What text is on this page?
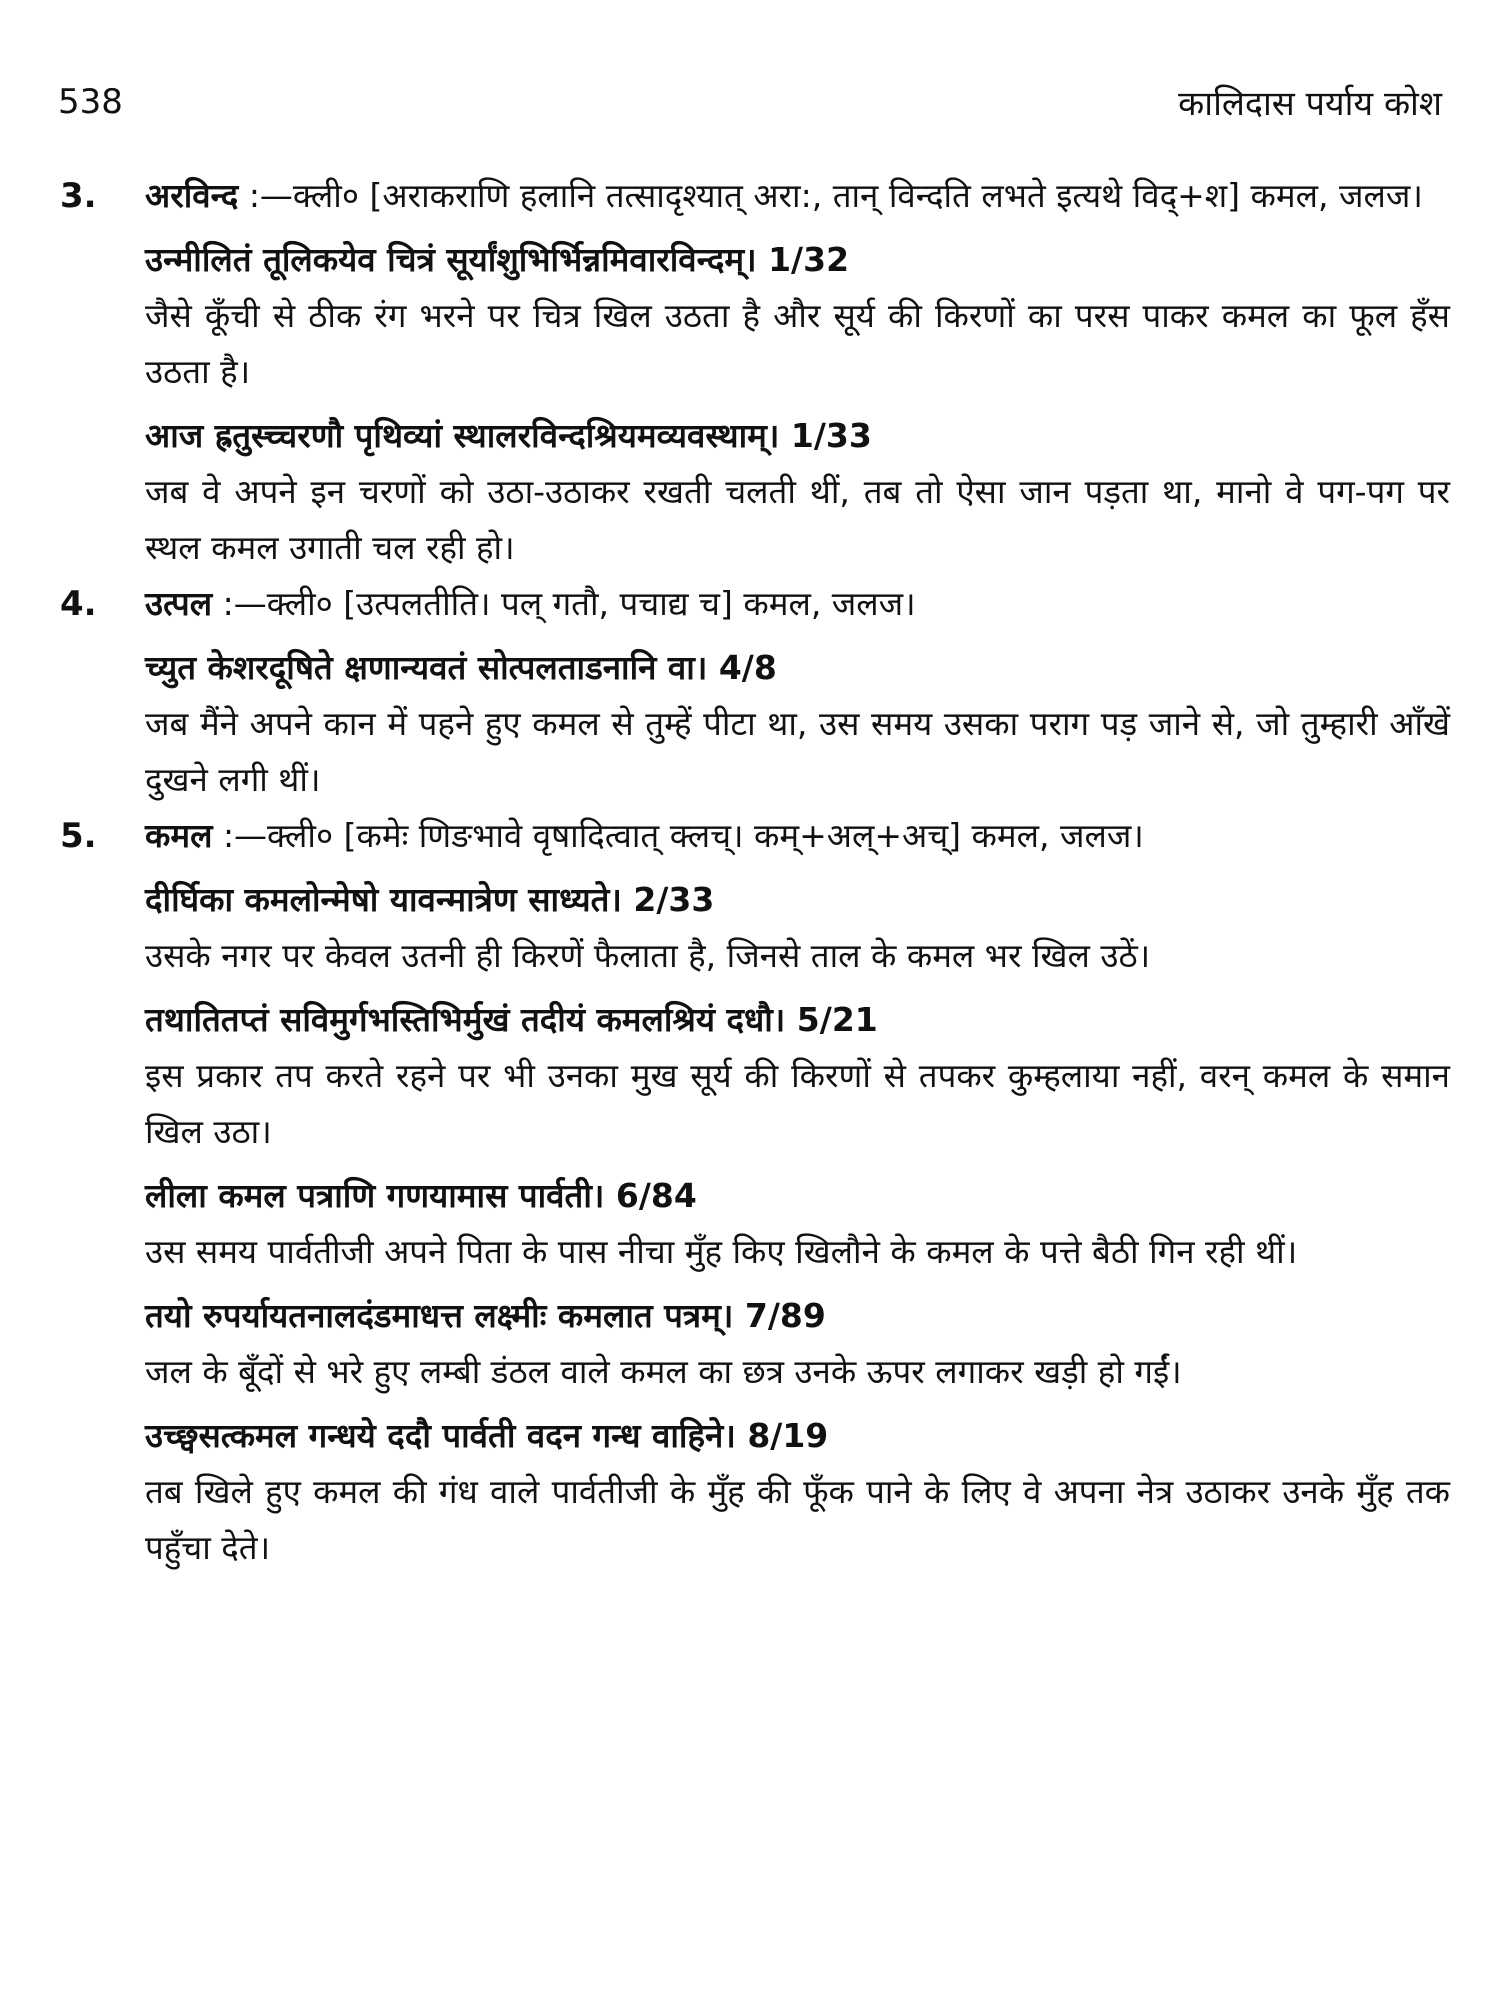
538	कालिदास पर्याय कोश
3.	अरविन्द :—क्ली० [अराकराणि हलानि तत्सादृश्यात् अरा:, तान् विन्दति लभते इत्यथे विद्+श] कमल, जलज।
उन्मीलितं तूलिकयेव चित्रं सूर्यांशुभिर्भिन्नमिवारविन्दम्। 1/32
जैसे कूँची से ठीक रंग भरने पर चित्र खिल उठता है और सूर्य की किरणों का परस पाकर कमल का फूल हँस उठता है।
आज ह्रतुस्च्चरणौ पृथिव्यां स्थालरविन्दश्रियमव्यवस्थाम्। 1/33
जब वे अपने इन चरणों को उठा-उठाकर रखती चलती थीं, तब तो ऐसा जान पड़ता था, मानो वे पग-पग पर स्थल कमल उगाती चल रही हो।
4.	उत्पल :—क्ली० [उत्पलतीति। पल् गतौ, पचाद्य च] कमल, जलज।
च्युत केशरदूषिते क्षणान्यवतं सोत्पलताडनानि वा। 4/8
जब मैंने अपने कान में पहने हुए कमल से तुम्हें पीटा था, उस समय उसका पराग पड़ जाने से, जो तुम्हारी आँखें दुखने लगी थीं।
5.	कमल :—क्ली० [कमेः णिङभावे वृषादित्वात् क्लच्। कम्+अल्+अच्] कमल, जलज।
दीर्घिका कमलोन्मेषो यावन्मात्रेण साध्यते। 2/33
उसके नगर पर केवल उतनी ही किरणें फैलाता है, जिनसे ताल के कमल भर खिल उठें।
तथातितप्तं सविमुर्गभस्तिभिर्मुखं तदीयं कमलश्रियं दधौ। 5/21
इस प्रकार तप करते रहने पर भी उनका मुख सूर्य की किरणों से तपकर कुम्हलाया नहीं, वरन् कमल के समान खिल उठा।
लीला कमल पत्राणि गणयामास पार्वती। 6/84
उस समय पार्वतीजी अपने पिता के पास नीचा मुँह किए खिलौने के कमल के पत्ते बैठी गिन रही थीं।
तयो रुपर्यायतनालदंडमाधत्त लक्ष्मीः कमलात पत्रम्। 7/89
जल के बूँदों से भरे हुए लम्बी डंठल वाले कमल का छत्र उनके ऊपर लगाकर खड़ी हो गईं।
उच्छ्वसत्कमल गन्धये ददौ पार्वती वदन गन्ध वाहिने। 8/19
तब खिले हुए कमल की गंध वाले पार्वतीजी के मुँह की फूँक पाने के लिए वे अपना नेत्र उठाकर उनके मुँह तक पहुँचा देते।
